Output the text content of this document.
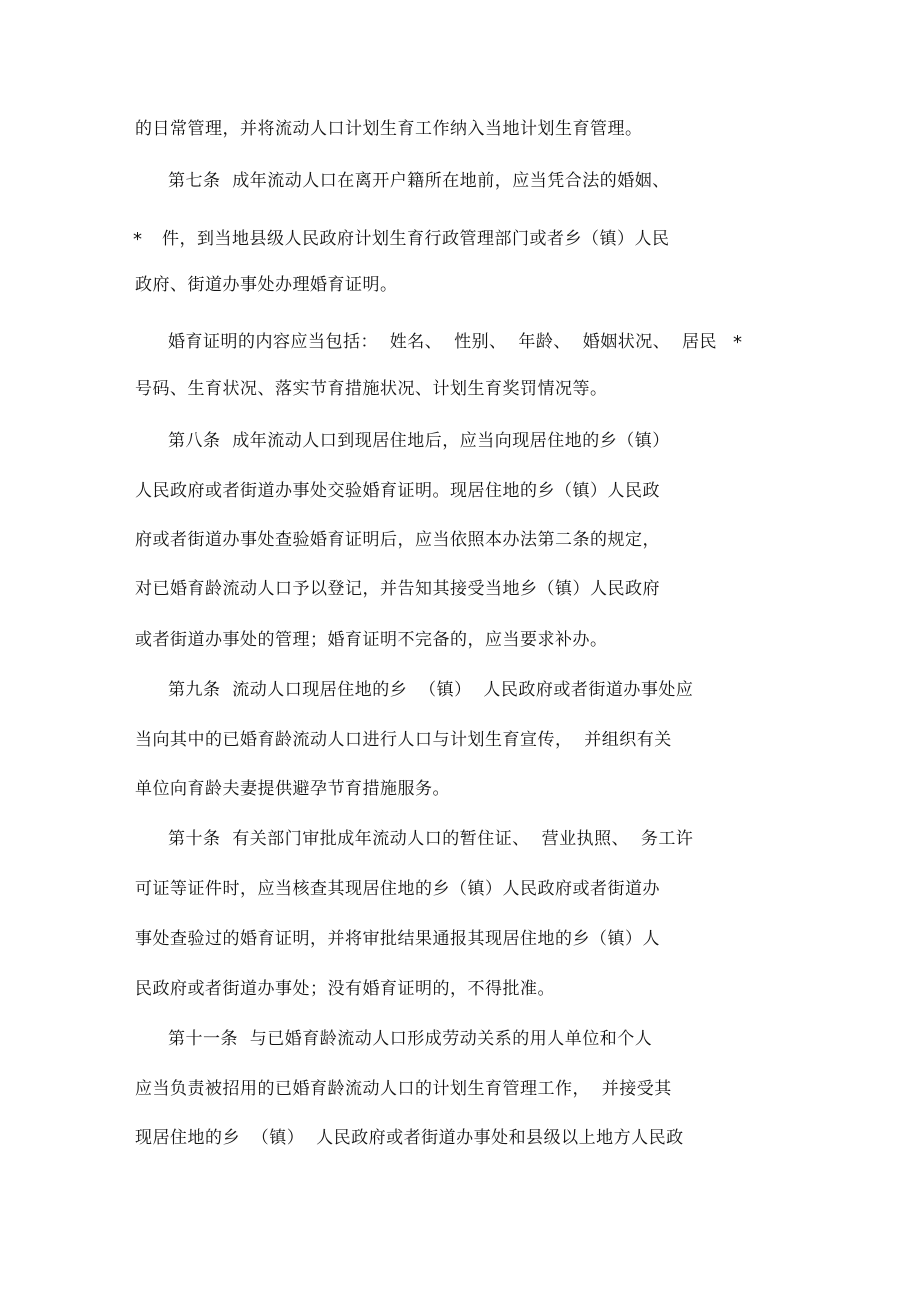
的日常管理，并将流动人口计划生育工作纳入当地计划生育管理。
第七条  成年流动人口在离开户籍所在地前，应当凭合法的婚姻、
* 件，到当地县级人民政府计划生育行政管理部门或者乡（镇）人民
政府、街道办事处办理婚育证明。
婚育证明的内容应当包括：  姓名、  性别、  年龄、  婚姻状况、  居民 *
号码、生育状况、落实节育措施状况、计划生育奖罚情况等。
第八条  成年流动人口到现居住地后，应当向现居住地的乡（镇）
人民政府或者街道办事处交验婚育证明。现居住地的乡（镇）人民政
府或者街道办事处查验婚育证明后，应当依照本办法第二条的规定，
对已婚育龄流动人口予以登记，并告知其接受当地乡（镇）人民政府
或者街道办事处的管理；婚育证明不完备的，应当要求补办。
第九条  流动人口现居住地的乡  （镇）  人民政府或者街道办事处应
当向其中的已婚育龄流动人口进行人口与计划生育宣传，  并组织有关
单位向育龄夫妻提供避孕节育措施服务。
第十条  有关部门审批成年流动人口的暂住证、  营业执照、  务工许
可证等证件时，应当核查其现居住地的乡（镇）人民政府或者街道办
事处查验过的婚育证明，并将审批结果通报其现居住地的乡（镇）人
民政府或者街道办事处；没有婚育证明的，不得批准。
第十一条  与已婚育龄流动人口形成劳动关系的用人单位和个人
应当负责被招用的已婚育龄流动人口的计划生育管理工作，  并接受其
现居住地的乡  （镇）  人民政府或者街道办事处和县级以上地方人民政
